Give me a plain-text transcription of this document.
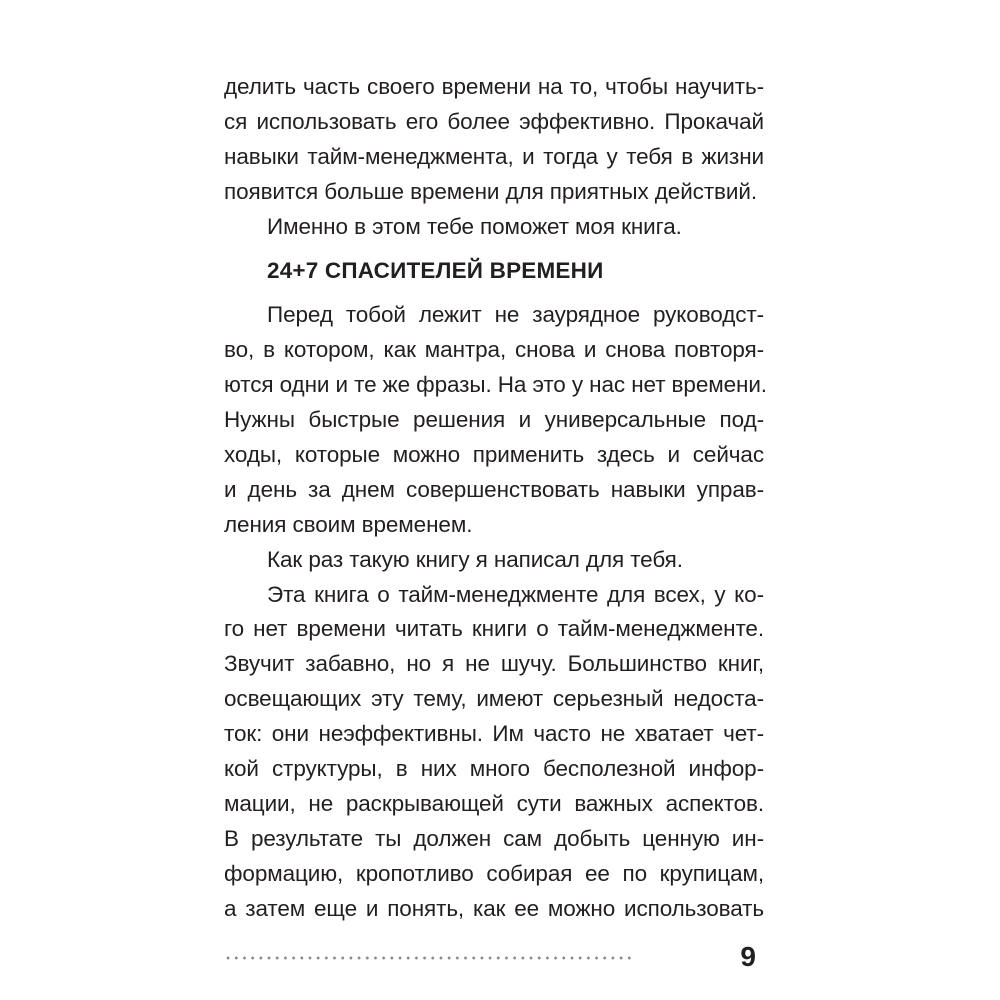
делить часть своего времени на то, чтобы научить-
ся использовать его более эффективно. Прокачай
навыки тайм-менеджмента, и тогда у тебя в жизни
появится больше времени для приятных действий.
Именно в этом тебе поможет моя книга.
24+7 СПАСИТЕЛЕЙ ВРЕМЕНИ
Перед тобой лежит не заурядное руководст-
во, в котором, как мантра, снова и снова повторя-
ются одни и те же фразы. На это у нас нет времени.
Нужны быстрые решения и универсальные под-
ходы, которые можно применить здесь и сейчас
и день за днем совершенствовать навыки управ-
ления своим временем.
Как раз такую книгу я написал для тебя.
Эта книга о тайм-менеджменте для всех, у ко-
го нет времени читать книги о тайм-менеджменте.
Звучит забавно, но я не шучу. Большинство книг,
освещающих эту тему, имеют серьезный недоста-
ток: они неэффективны. Им часто не хватает чет-
кой структуры, в них много бесполезной инфор-
мации, не раскрывающей сути важных аспектов.
В результате ты должен сам добыть ценную ин-
формацию, кропотливо собирая ее по крупицам,
а затем еще и понять, как ее можно использовать
9
